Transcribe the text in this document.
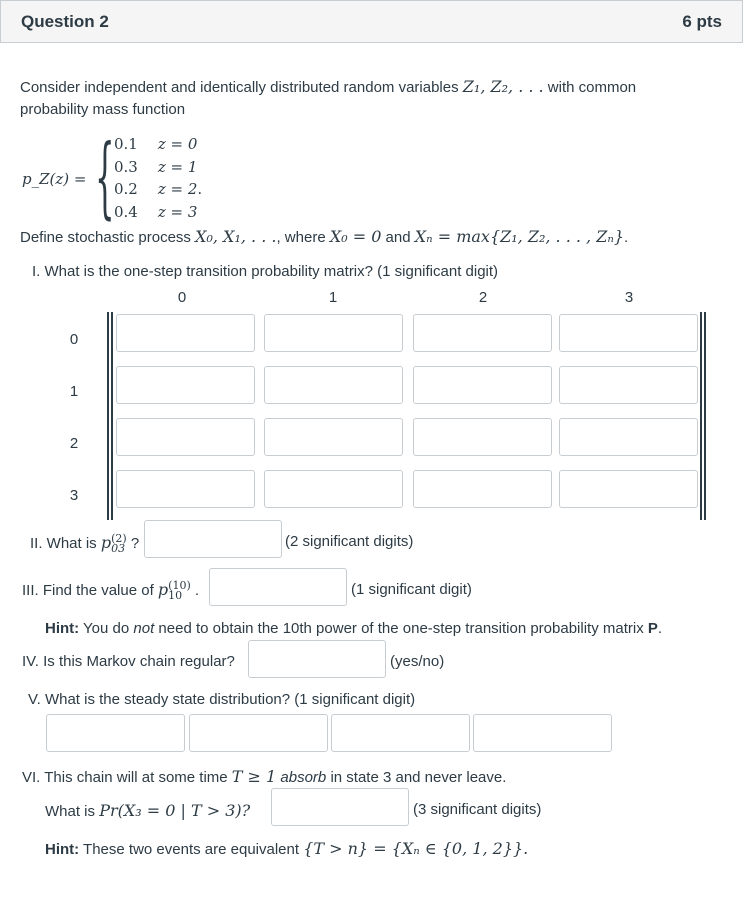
Question 2	6 pts
Consider independent and identically distributed random variables Z₁, Z₂, . . . with common
probability mass function
p_Z(z) = { 0.1 z = 0
0.3 z = 1
0.2 z = 2.
0.4 z = 3
Define stochastic process X₀, X₁, . . ., where X₀ = 0 and Xₙ = max{Z₁, Z₂, . . . , Zₙ}.
I. What is the one-step transition probability matrix? (1 significant digit)
0	1	2	3
0
1
2
3
II. What is p (2)
03 ?	(2 significant digits)
III. Find the value of p (10)
10 .	(1 significant digit)
Hint: You do not need to obtain the 10th power of the one-step transition probability matrix P.
IV. Is this Markov chain regular?	(yes/no)
V. What is the steady state distribution? (1 significant digit)
VI. This chain will at some time T ≥ 1 absorb in state 3 and never leave.
What is Pr(X₃ = 0 | T > 3)?	(3 significant digits)
Hint: These two events are equivalent {T > n} = {Xₙ ∈ {0, 1, 2}}.
